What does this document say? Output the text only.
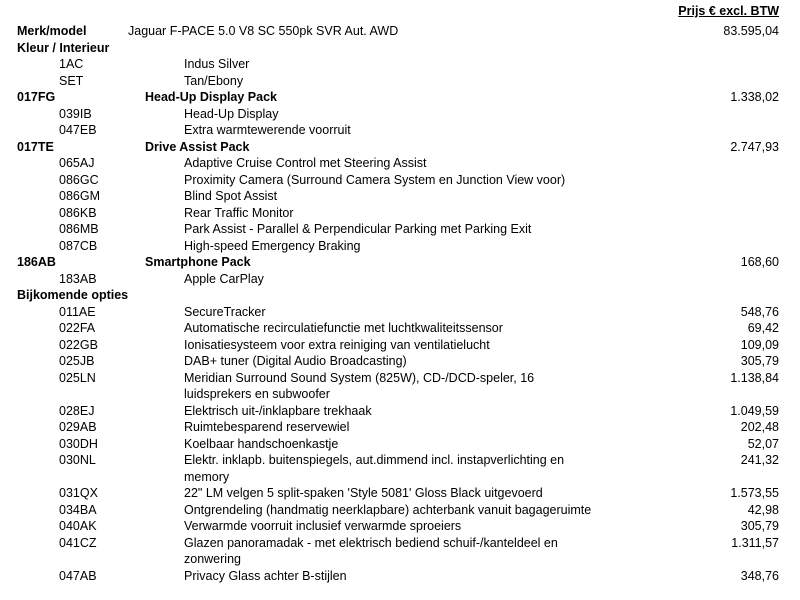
Prijs € excl. BTW
Merk/model	Jaguar F-PACE 5.0 V8 SC 550pk SVR Aut. AWD	83.595,04
Kleur / Interieur
1AC	Indus Silver
SET	Tan/Ebony
017FG	Head-Up Display Pack	1.338,02
039IB	Head-Up Display
047EB	Extra warmtewerende voorruit
017TE	Drive Assist Pack	2.747,93
065AJ	Adaptive Cruise Control met Steering Assist
086GC	Proximity Camera (Surround Camera System en Junction View voor)
086GM	Blind Spot Assist
086KB	Rear Traffic Monitor
086MB	Park Assist - Parallel & Perpendicular Parking met Parking Exit
087CB	High-speed Emergency Braking
186AB	Smartphone Pack	168,60
183AB	Apple CarPlay
Bijkomende opties
011AE	SecureTracker	548,76
022FA	Automatische recirculatiefunctie met luchtkwaliteitssensor	69,42
022GB	Ionisatiesysteem voor extra reiniging van ventilatielucht	109,09
025JB	DAB+ tuner (Digital Audio Broadcasting)	305,79
025LN	Meridian Surround Sound System (825W), CD-/DCD-speler, 16	1.138,84
luidsprekers en subwoofer
028EJ	Elektrisch uit-/inklapbare trekhaak	1.049,59
029AB	Ruimtebesparend reservewiel	202,48
030DH	Koelbaar handschoenkastje	52,07
030NL	Elektr. inklapb. buitenspiegels, aut.dimmend incl. instapverlichting en	241,32
memory
031QX	22" LM velgen 5 split-spaken 'Style 5081' Gloss Black uitgevoerd	1.573,55
034BA	Ontgrendeling (handmatig neerklapbare) achterbank vanuit bagageruimte	42,98
040AK	Verwarmde voorruit inclusief verwarmde sproeiers	305,79
041CZ	Glazen panoramadak - met elektrisch bediend schuif-/kanteldeel en	1.311,57
zonwering
047AB	Privacy Glass achter B-stijlen	348,76
